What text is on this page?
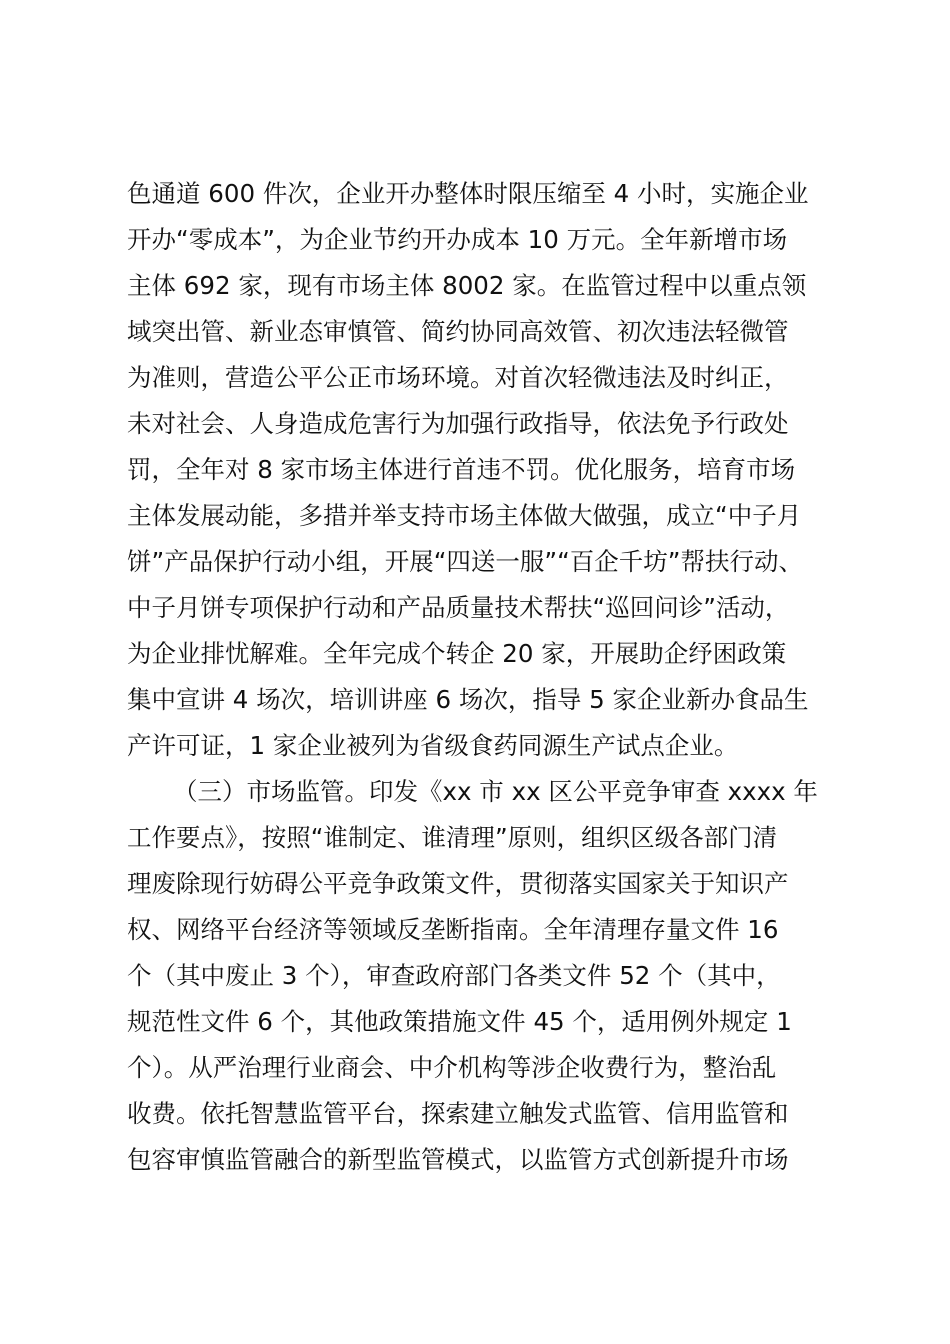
色通道 600 件次，企业开办整体时限压缩至 4 小时，实施企业
开办“零成本”，为企业节约开办成本 10 万元。全年新增市场
主体 692 家，现有市场主体 8002 家。在监管过程中以重点领
域突出管、新业态审慎管、简约协同高效管、初次违法轻微管
为准则，营造公平公正市场环境。对首次轻微违法及时纠正，
未对社会、人身造成危害行为加强行政指导，依法免予行政处
罚，全年对 8 家市场主体进行首违不罚。优化服务，培育市场
主体发展动能，多措并举支持市场主体做大做强，成立“中子月
饼”产品保护行动小组，开展“四送一服”“百企千坊”帮扶行动、
中子月饼专项保护行动和产品质量技术帮扶“巡回问诊”活动，
为企业排忧解难。全年完成个转企 20 家，开展助企纾困政策
集中宣讲 4 场次，培训讲座 6 场次，指导 5 家企业新办食品生
产许可证，1 家企业被列为省级食药同源生产试点企业。
（三）市场监管。印发《xx 市 xx 区公平竞争审查 xxxx 年
工作要点》，按照“谁制定、谁清理”原则，组织区级各部门清
理废除现行妨碍公平竞争政策文件，贯彻落实国家关于知识产
权、网络平台经济等领域反垄断指南。全年清理存量文件 16
个（其中废止 3 个），审查政府部门各类文件 52 个（其中，
规范性文件 6 个，其他政策措施文件 45 个，适用例外规定 1
个）。从严治理行业商会、中介机构等涉企收费行为，整治乱
收费。依托智慧监管平台，探索建立触发式监管、信用监管和
包容审慎监管融合的新型监管模式，以监管方式创新提升市场
